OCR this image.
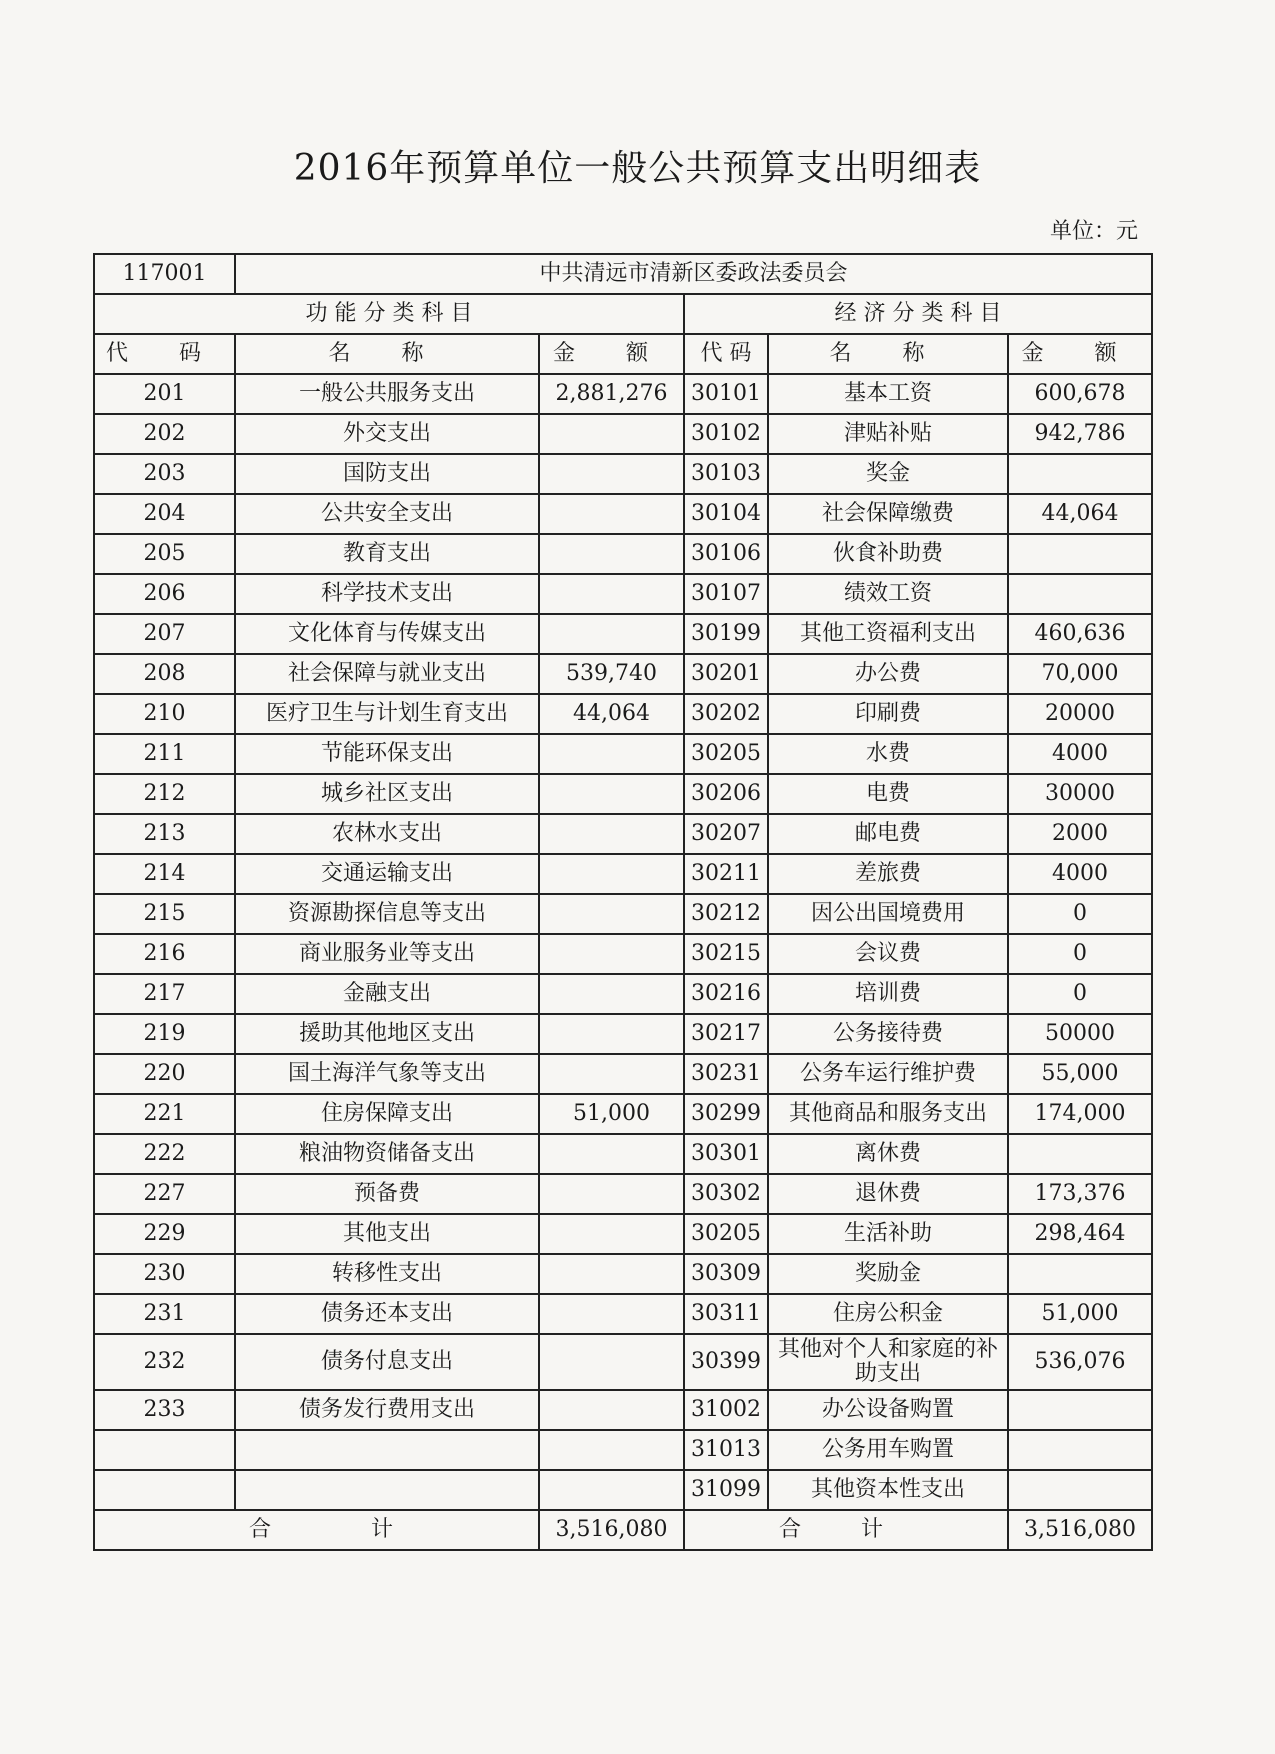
2016年预算单位一般公共预算支出明细表
单位：元
117001	中共清远市清新区委政法委员会				
功 能 分 类 科 目			经 济 分 类 科 目		
代 码	名 称	金 额	代 码	名 称	金 额
201	一般公共服务支出	2,881,276	30101	基本工资	600,678
202	外交支出		30102	津贴补贴	942,786
203	国防支出		30103	奖金	
204	公共安全支出		30104	社会保障缴费	44,064
205	教育支出		30106	伙食补助费	
206	科学技术支出		30107	绩效工资	
207	文化体育与传媒支出		30199	其他工资福利支出	460,636
208	社会保障与就业支出	539,740	30201	办公费	70,000
210	医疗卫生与计划生育支出	44,064	30202	印刷费	20000
211	节能环保支出		30205	水费	4000
212	城乡社区支出		30206	电费	30000
213	农林水支出		30207	邮电费	2000
214	交通运输支出		30211	差旅费	4000
215	资源勘探信息等支出		30212	因公出国境费用	0
216	商业服务业等支出		30215	会议费	0
217	金融支出		30216	培训费	0
219	援助其他地区支出		30217	公务接待费	50000
220	国土海洋气象等支出		30231	公务车运行维护费	55,000
221	住房保障支出	51,000	30299	其他商品和服务支出	174,000
222	粮油物资储备支出		30301	离休费	
227	预备费		30302	退休费	173,376
229	其他支出		30205	生活补助	298,464
230	转移性支出		30309	奖励金	
231	债务还本支出		30311	住房公积金	51,000
232	债务付息支出		30399	其他对个人和家庭的补助支出	536,076
233	债务发行费用支出		31002	办公设备购置	
			31013	公务用车购置	
			31099	其他资本性支出	
合 计		3,516,080	合 计		3,516,080
